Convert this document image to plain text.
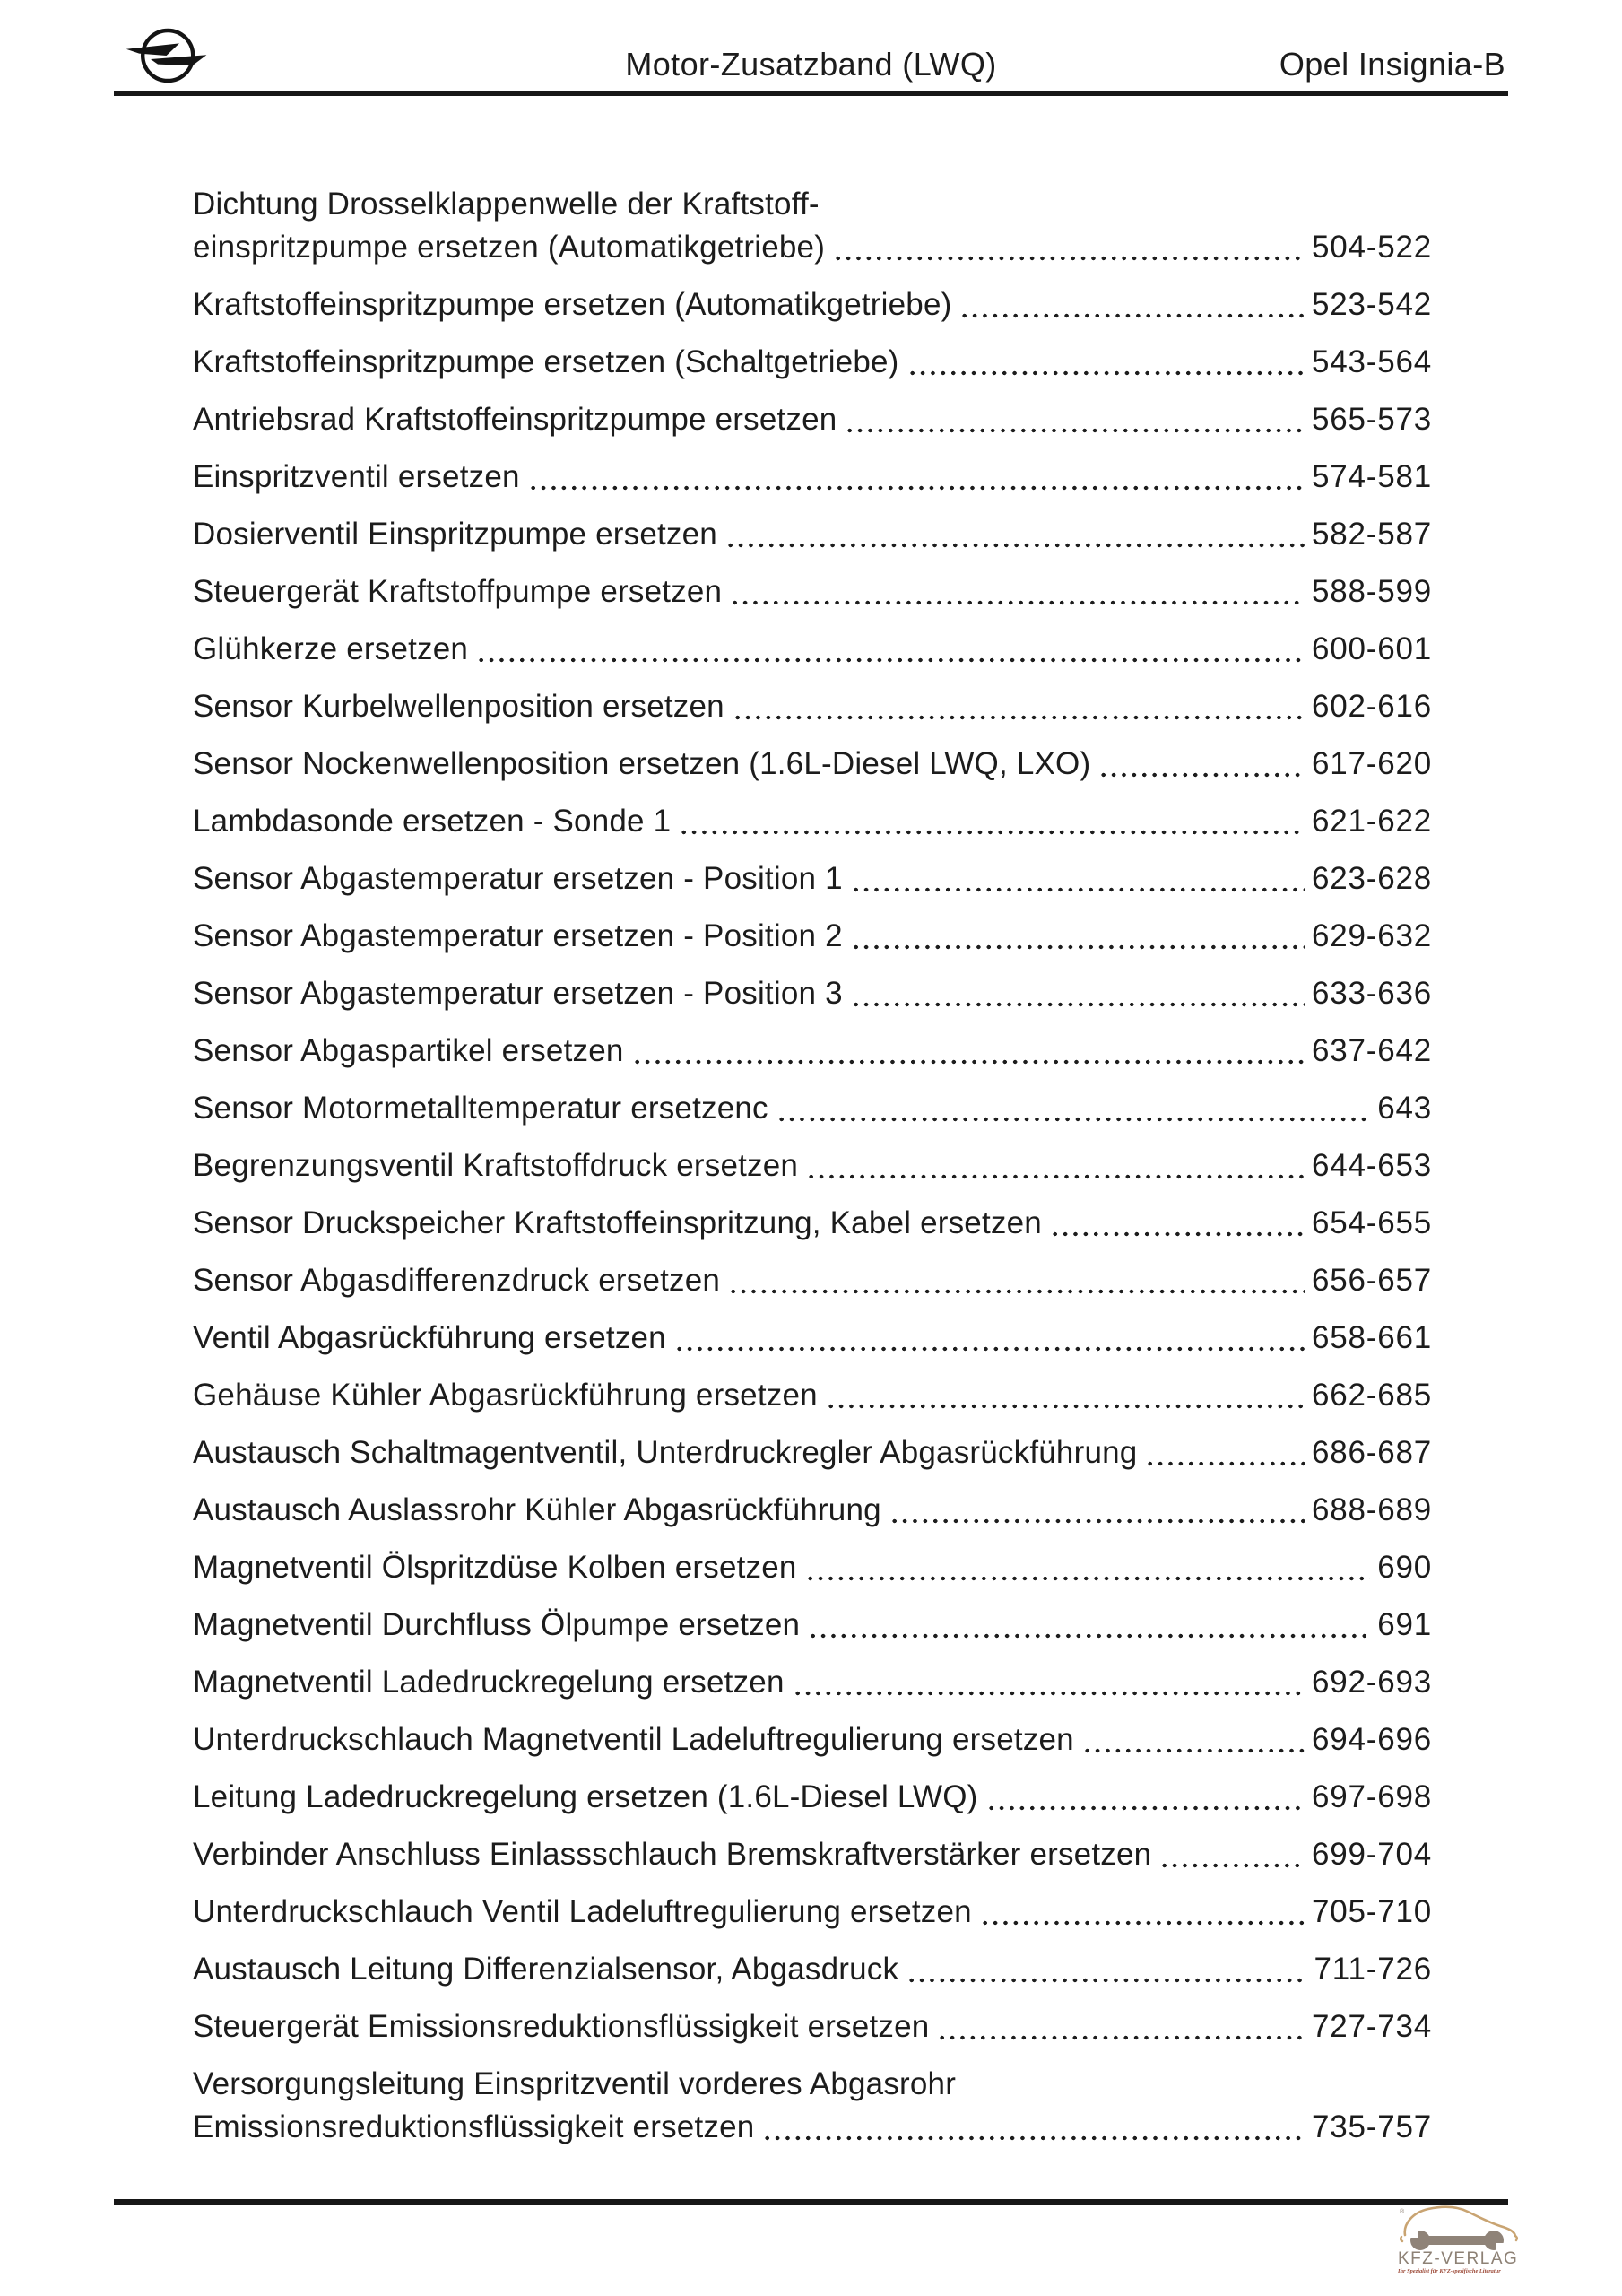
Motor-Zusatzband (LWQ)	Opel Insignia-B
Dichtung Drosselklappenwelle der Kraftstoff-
einspritzpumpe ersetzen (Automatikgetriebe)	504-522
Kraftstoffeinspritzpumpe ersetzen (Automatikgetriebe)	523-542
Kraftstoffeinspritzpumpe ersetzen (Schaltgetriebe)	543-564
Antriebsrad Kraftstoffeinspritzpumpe ersetzen	565-573
Einspritzventil ersetzen	574-581
Dosierventil Einspritzpumpe ersetzen	582-587
Steuergerät Kraftstoffpumpe ersetzen	588-599
Glühkerze ersetzen	600-601
Sensor Kurbelwellenposition ersetzen	602-616
Sensor Nockenwellenposition ersetzen (1.6L-Diesel LWQ, LXO)	617-620
Lambdasonde ersetzen - Sonde 1	621-622
Sensor Abgastemperatur ersetzen - Position 1	623-628
Sensor Abgastemperatur ersetzen - Position 2	629-632
Sensor Abgastemperatur ersetzen - Position 3	633-636
Sensor Abgaspartikel ersetzen	637-642
Sensor Motormetalltemperatur ersetzenc	643
Begrenzungsventil Kraftstoffdruck ersetzen	644-653
Sensor Druckspeicher Kraftstoffeinspritzung, Kabel ersetzen	654-655
Sensor Abgasdifferenzdruck ersetzen	656-657
Ventil Abgasrückführung ersetzen	658-661
Gehäuse Kühler Abgasrückführung ersetzen	662-685
Austausch Schaltmagentventil, Unterdruckregler Abgasrückführung	686-687
Austausch Auslassrohr Kühler Abgasrückführung	688-689
Magnetventil Ölspritzdüse Kolben ersetzen	690
Magnetventil Durchfluss Ölpumpe ersetzen	691
Magnetventil Ladedruckregelung ersetzen	692-693
Unterdruckschlauch Magnetventil Ladeluftregulierung ersetzen	694-696
Leitung Ladedruckregelung ersetzen (1.6L-Diesel LWQ)	697-698
Verbinder Anschluss Einlassschlauch Bremskraftverstärker ersetzen	699-704
Unterdruckschlauch Ventil Ladeluftregulierung ersetzen	705-710
Austausch Leitung Differenzialsensor, Abgasdruck	711-726
Steuergerät Emissionsreduktionsflüssigkeit ersetzen	727-734
Versorgungsleitung Einspritzventil vorderes Abgasrohr
Emissionsreduktionsflüssigkeit ersetzen	735-757
®
KFZ-VERLAG
Ihr Spezialist für KFZ-spezifische Literatur
